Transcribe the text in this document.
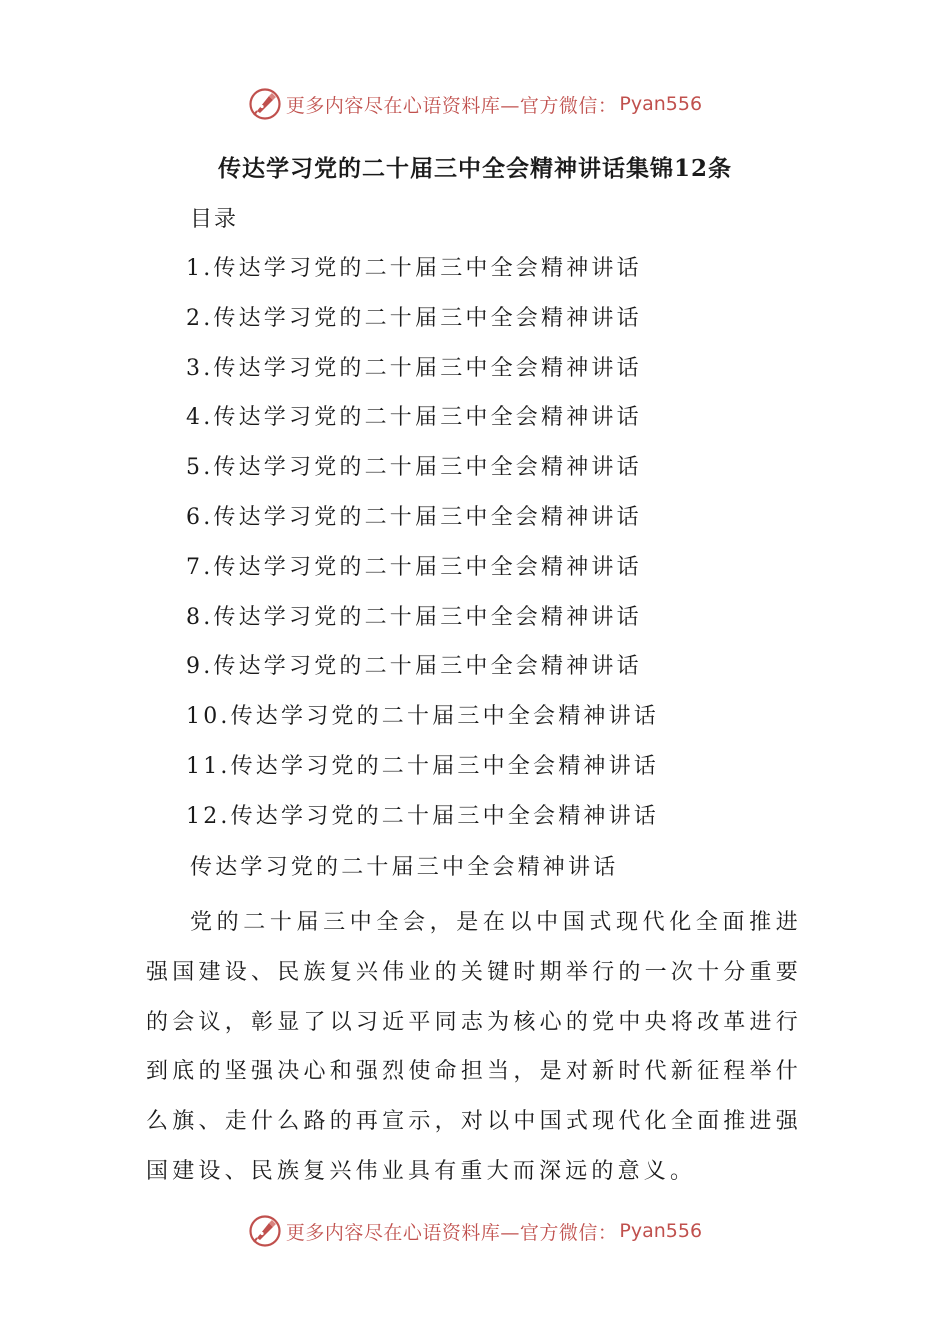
更多内容尽在心语资料库—官方微信： Pyan556
传达学习党的二十届三中全会精神讲话集锦12条

目录

1.传达学习党的二十届三中全会精神讲话
2.传达学习党的二十届三中全会精神讲话
3.传达学习党的二十届三中全会精神讲话
4.传达学习党的二十届三中全会精神讲话
5.传达学习党的二十届三中全会精神讲话
6.传达学习党的二十届三中全会精神讲话
7.传达学习党的二十届三中全会精神讲话
8.传达学习党的二十届三中全会精神讲话
9.传达学习党的二十届三中全会精神讲话
10.传达学习党的二十届三中全会精神讲话
11.传达学习党的二十届三中全会精神讲话
12.传达学习党的二十届三中全会精神讲话

传达学习党的二十届三中全会精神讲话

党的二十届三中全会，是在以中国式现代化全面推进强国建设、民族复兴伟业的关键时期举行的一次十分重要的会议，彰显了以习近平同志为核心的党中央将改革进行到底的坚强决心和强烈使命担当，是对新时代新征程举什么旗、走什么路的再宣示，对以中国式现代化全面推进强国建设、民族复兴伟业具有重大而深远的意义。

更多内容尽在心语资料库—官方微信： Pyan556
